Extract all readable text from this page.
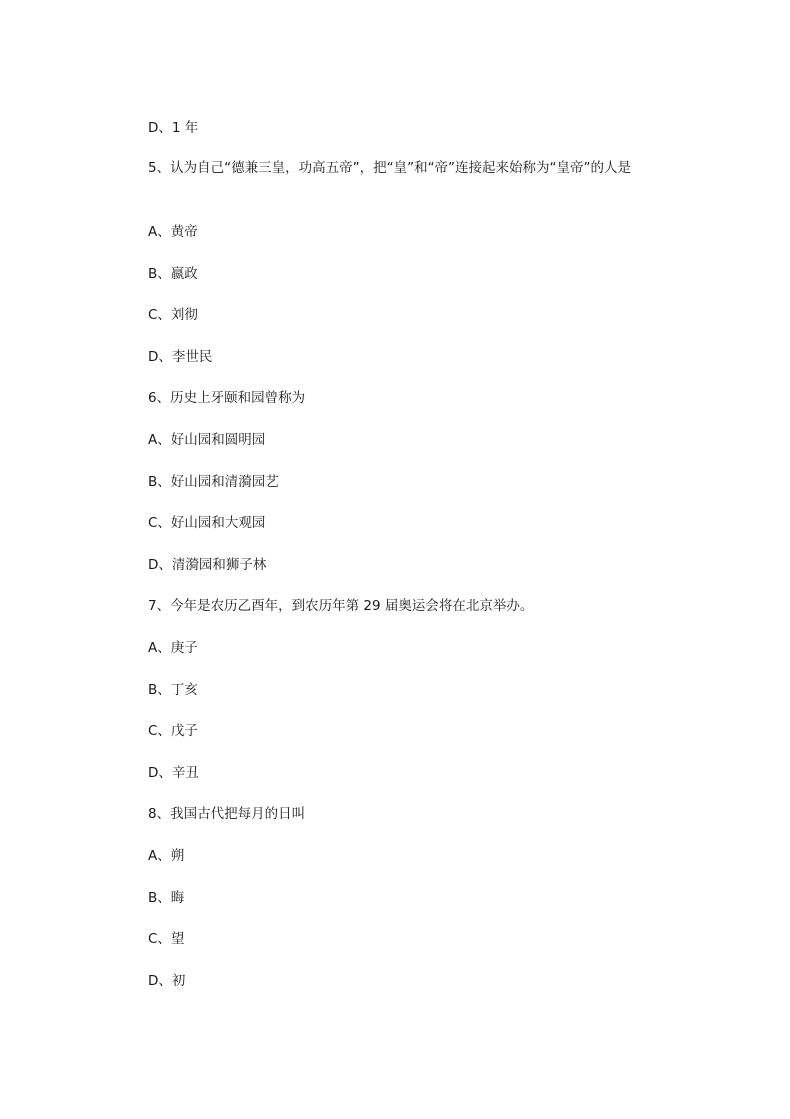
D、1 年
5、认为自己“德兼三皇，功高五帝”，把“皇”和“帝”连接起来始称为“皇帝”的人是
A、黄帝
B、嬴政
C、刘彻
D、李世民
6、历史上牙颐和园曾称为
A、好山园和圆明园
B、好山园和清漪园艺
C、好山园和大观园
D、清漪园和狮子林
7、今年是农历乙酉年，到农历年第 29 届奥运会将在北京举办。
A、庚子
B、丁亥
C、戊子
D、辛丑
8、我国古代把每月的日叫
A、朔
B、晦
C、望
D、初
